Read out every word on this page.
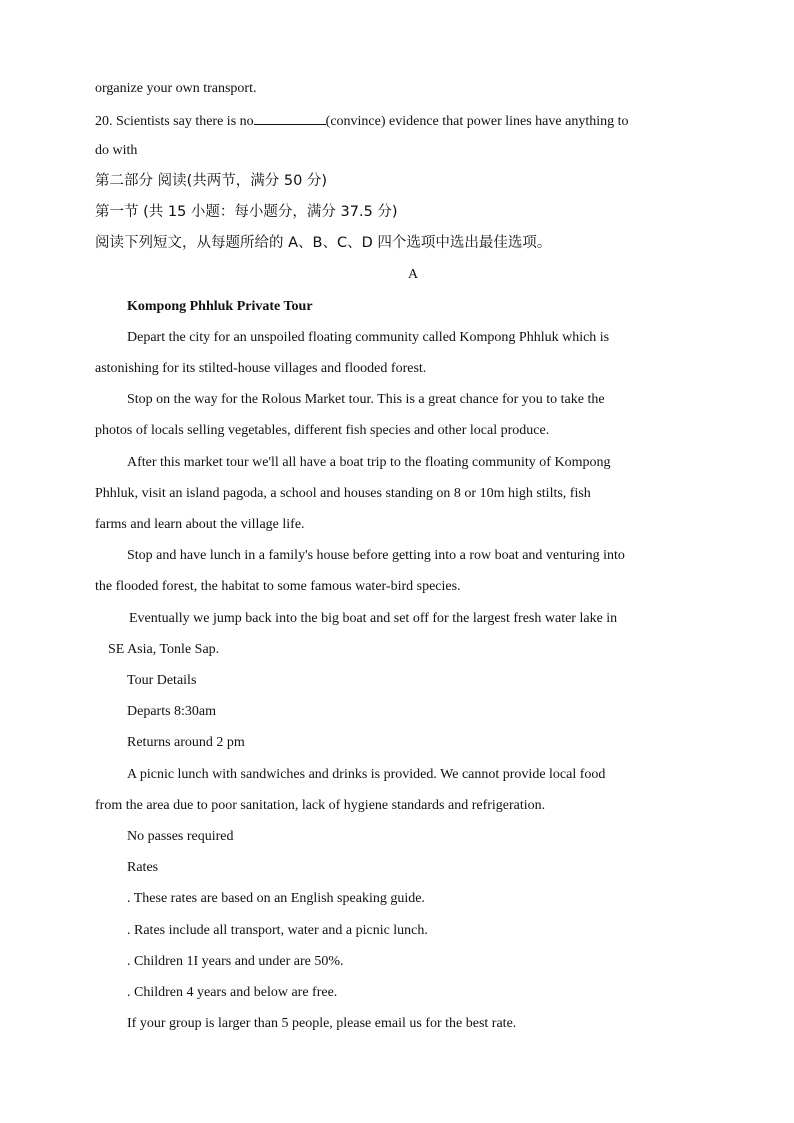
organize your own transport.
20. Scientists say there is no	(convince) evidence that power lines have anything to
do with
第二部分 阅读(共两节，满分 50 分)
第一节 (共 15 小题：每小题分，满分 37.5 分)
阅读下列短文，从每题所给的 A、B、C、D 四个选项中选出最佳选项。
A
Kompong Phhluk Private Tour
Depart the city for an unspoiled floating community called Kompong Phhluk which is
astonishing for its stilted-house villages and flooded forest.
Stop on the way for the Rolous Market tour. This is a great chance for you to take the
photos of locals selling vegetables, different fish species and other local produce.
After this market tour we'll all have a boat trip to the floating community of Kompong
Phhluk, visit an island pagoda, a school and houses standing on 8 or 10m high stilts, fish
farms and learn about the village life.
Stop and have lunch in a family's house before getting into a row boat and venturing into
the flooded forest, the habitat to some famous water-bird species.
Eventually we jump back into the big boat and set off for the largest fresh water lake in
SE Asia, Tonle Sap.
Tour Details
Departs 8:30am
Returns around 2 pm
A picnic lunch with sandwiches and drinks is provided. We cannot provide local food
from the area due to poor sanitation, lack of hygiene standards and refrigeration.
No passes required
Rates
. These rates are based on an English speaking guide.
. Rates include all transport, water and a picnic lunch.
. Children 1I years and under are 50%.
. Children 4 years and below are free.
If your group is larger than 5 people, please email us for the best rate.
